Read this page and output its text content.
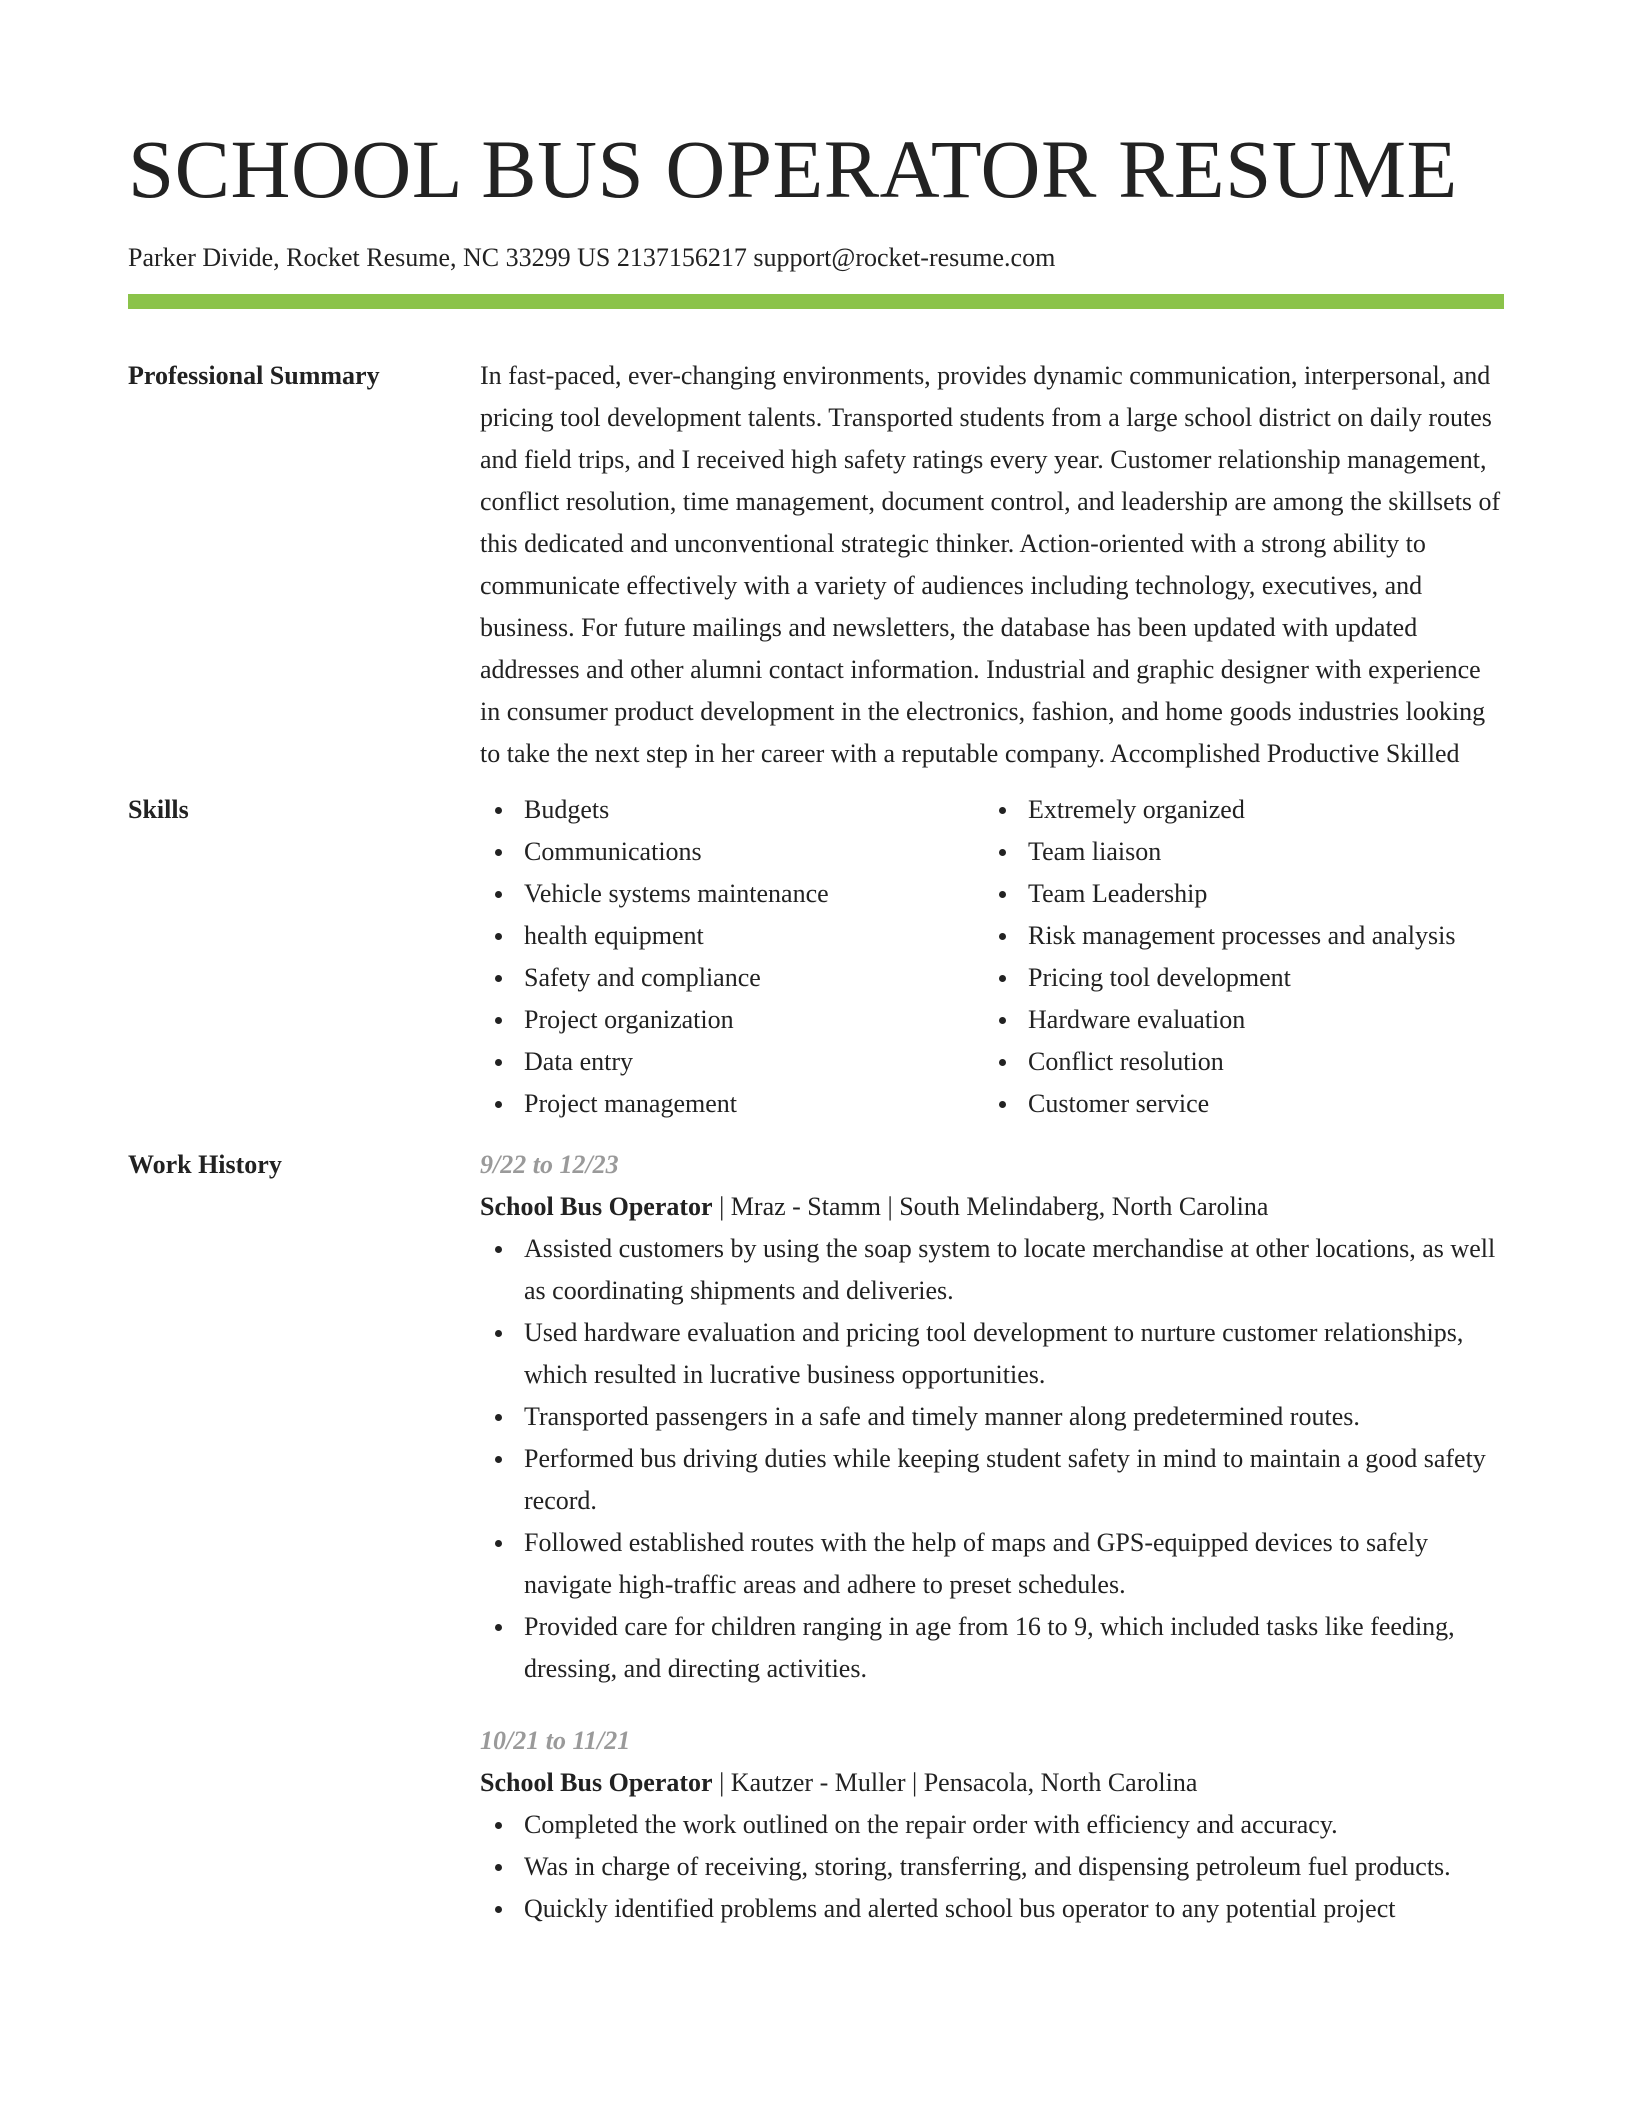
SCHOOL BUS OPERATOR RESUME
Parker Divide, Rocket Resume, NC 33299 US 2137156217 support@rocket-resume.com
Professional Summary	In fast-paced, ever-changing environments, provides dynamic communication, interpersonal, and pricing tool development talents. Transported students from a large school district on daily routes and field trips, and I received high safety ratings every year. Customer relationship management, conflict resolution, time management, document control, and leadership are among the skillsets of this dedicated and unconventional strategic thinker. Action-oriented with a strong ability to communicate effectively with a variety of audiences including technology, executives, and business. For future mailings and newsletters, the database has been updated with updated addresses and other alumni contact information. Industrial and graphic designer with experience in consumer product development in the electronics, fashion, and home goods industries looking to take the next step in her career with a reputable company. Accomplished Productive Skilled

Skills	Budgets
Communications
Vehicle systems maintenance
health equipment
Safety and compliance
Project organization
Data entry
Project management
Extremely organized
Team liaison
Team Leadership
Risk management processes and analysis
Pricing tool development
Hardware evaluation
Conflict resolution
Customer service
Work History	9/22 to 12/23
School Bus Operator | Mraz - Stamm | South Melindaberg, North Carolina
Assisted customers by using the soap system to locate merchandise at other locations, as well as coordinating shipments and deliveries.
Used hardware evaluation and pricing tool development to nurture customer relationships, which resulted in lucrative business opportunities.
Transported passengers in a safe and timely manner along predetermined routes.
Performed bus driving duties while keeping student safety in mind to maintain a good safety record.
Followed established routes with the help of maps and GPS-equipped devices to safely navigate high-traffic areas and adhere to preset schedules.
Provided care for children ranging in age from 16 to 9, which included tasks like feeding, dressing, and directing activities.
10/21 to 11/21
School Bus Operator | Kautzer - Muller | Pensacola, North Carolina
Completed the work outlined on the repair order with efficiency and accuracy.
Was in charge of receiving, storing, transferring, and dispensing petroleum fuel products.
Quickly identified problems and alerted school bus operator to any potential project
